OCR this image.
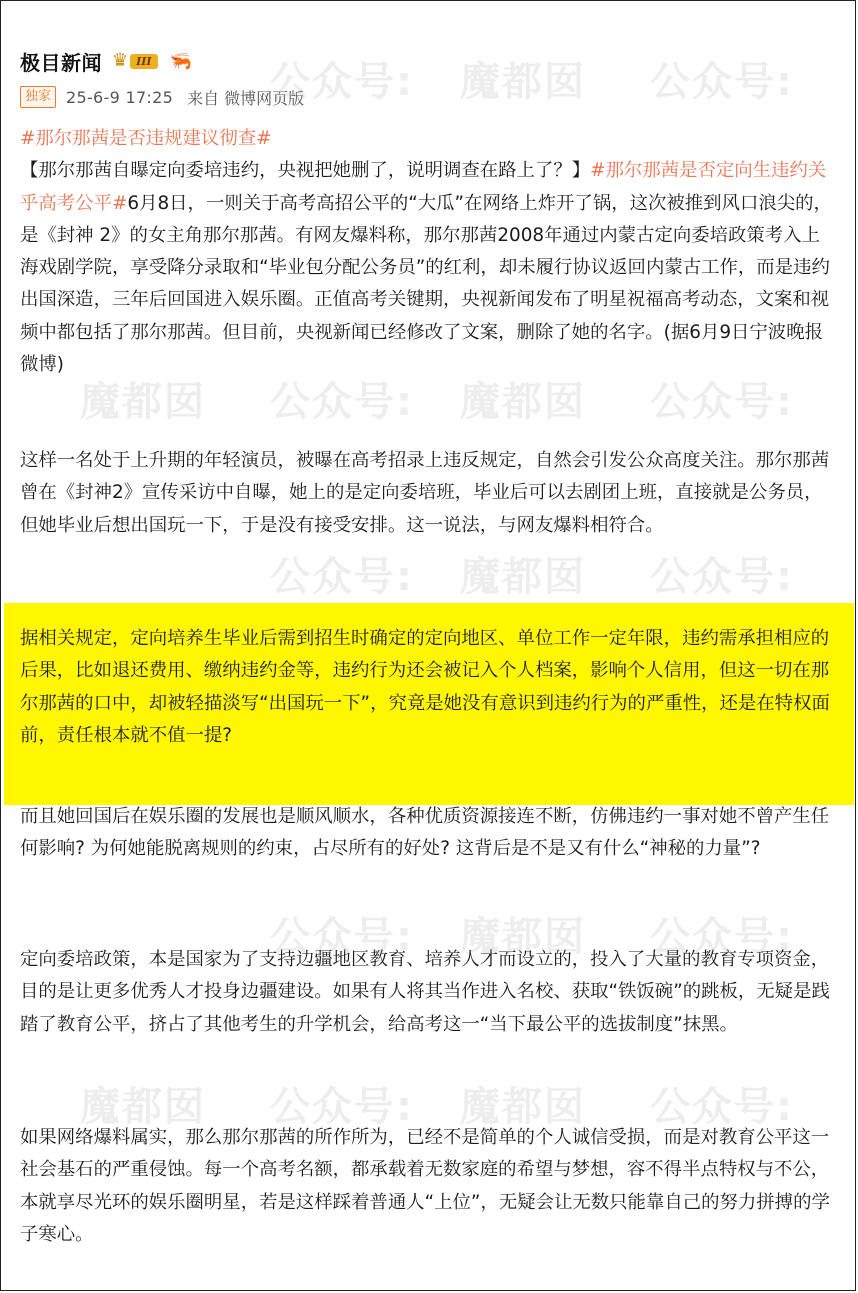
极目新闻 ♛ III	🦐
独家 25-6-9 17:25 来自 微博网页版

#那尔那茜是否违规建议彻查#【那尔那茜自曝定向委培违约，央视把她删了，说明调查在路上了？】#那尔那茜是否定向生违约关乎高考公平#6月8日，一则关于高考高招公平的“大瓜”在网络上炸开了锅，这次被推到风口浪尖的，是《封神 2》的女主角那尔那茜。有网友爆料称，那尔那茜2008年通过内蒙古定向委培政策考入上海戏剧学院，享受降分录取和“毕业包分配公务员”的红利，却未履行协议返回内蒙古工作，而是违约出国深造，三年后回国进入娱乐圈。正值高考关键期，央视新闻发布了明星祝福高考动态，文案和视频中都包括了那尔那茜。但目前，央视新闻已经修改了文案，删除了她的名字。(据6月9日宁波晚报微博)

这样一名处于上升期的年轻演员，被曝在高考招录上违反规定，自然会引发公众高度关注。那尔那茜曾在《封神2》宣传采访中自曝，她上的是定向委培班，毕业后可以去剧团上班，直接就是公务员，但她毕业后想出国玩一下，于是没有接受安排。这一说法，与网友爆料相符合。

据相关规定，定向培养生毕业后需到招生时确定的定向地区、单位工作一定年限，违约需承担相应的后果，比如退还费用、缴纳违约金等，违约行为还会被记入个人档案，影响个人信用，但这一切在那尔那茜的口中，却被轻描淡写“出国玩一下”，究竟是她没有意识到违约行为的严重性，还是在特权面前，责任根本就不值一提?

而且她回国后在娱乐圈的发展也是顺风顺水，各种优质资源接连不断，仿佛违约一事对她不曾产生任何影响? 为何她能脱离规则的约束，占尽所有的好处? 这背后是不是又有什么“神秘的力量”?

定向委培政策，本是国家为了支持边疆地区教育、培养人才而设立的，投入了大量的教育专项资金，目的是让更多优秀人才投身边疆建设。如果有人将其当作进入名校、获取“铁饭碗”的跳板，无疑是践踏了教育公平，挤占了其他考生的升学机会，给高考这一“当下最公平的选拔制度”抹黑。

如果网络爆料属实，那么那尔那茜的所作所为，已经不是简单的个人诚信受损，而是对教育公平这一社会基石的严重侵蚀。每一个高考名额，都承载着无数家庭的希望与梦想，容不得半点特权与不公，本就享尽光环的娱乐圈明星，若是这样踩着普通人“上位”，无疑会让无数只能靠自己的努力拼搏的学子寒心。

公众号: 魔都囡 公众号:
公众号: 魔都囡 公众号:
魔都囡
公众号: 魔都囡 公众号:
公众号: 魔都囡 公众号:
魔都囡 公众号: 魔都囡 公众号:
